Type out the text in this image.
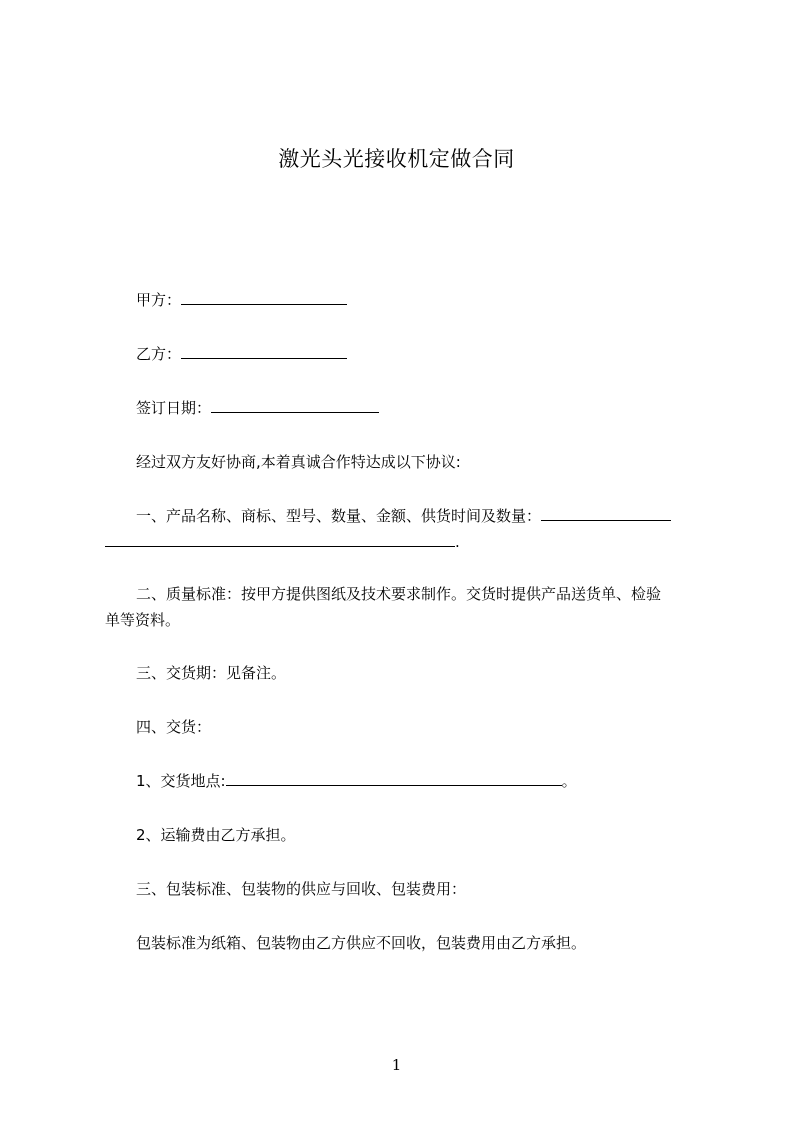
激光头光接收机定做合同
甲方：
乙方：
签订日期：
经过双方友好协商,本着真诚合作特达成以下协议:
一、产品名称、商标、型号、数量、金额、供货时间及数量：
.
二、质量标准：按甲方提供图纸及技术要求制作。交货时提供产品送货单、检验
单等资料。
三、交货期：见备注。
四、交货：
1、交货地点:	。
2、运输费由乙方承担。
三、包装标准、包装物的供应与回收、包装费用：
包装标准为纸箱、包装物由乙方供应不回收，包装费用由乙方承担。
1
